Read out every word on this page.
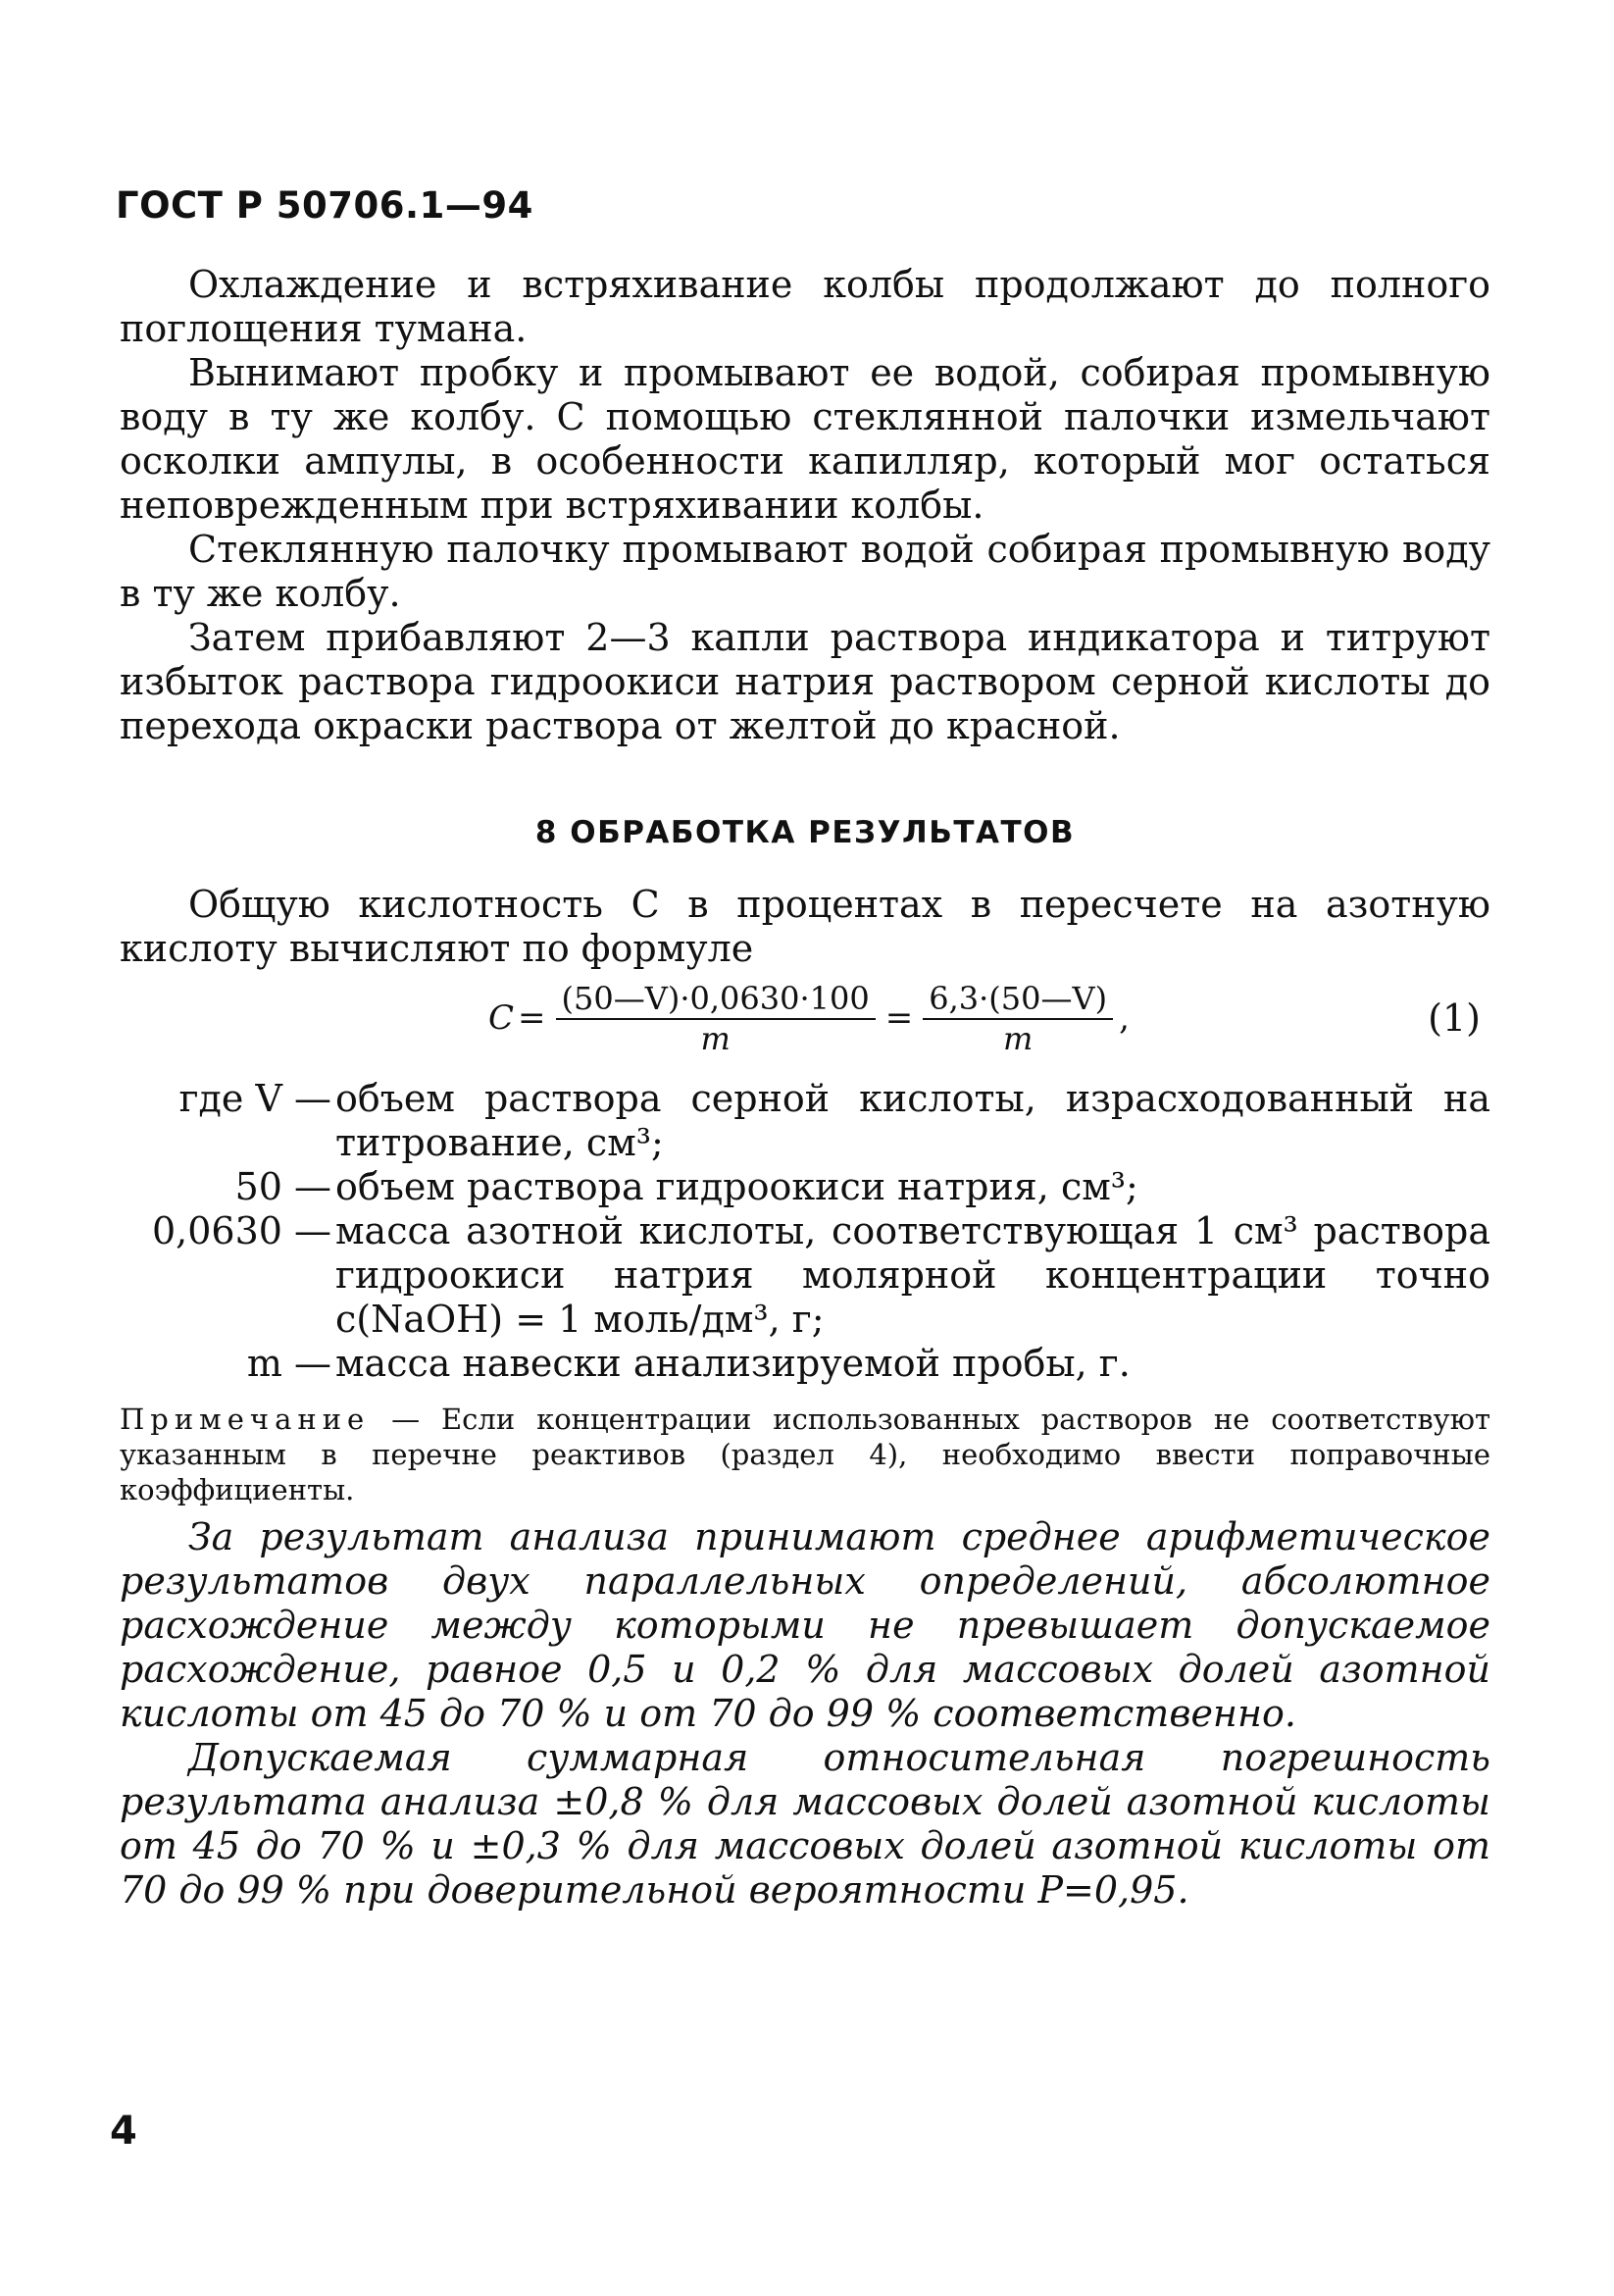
ГОСТ Р 50706.1—94

Охлаждение и встряхивание колбы продолжают до полного поглощения тумана.

Вынимают пробку и промывают ее водой, собирая промывную воду в ту же колбу. С помощью стеклянной палочки измельчают осколки ампулы, в особенности капилляр, который мог остаться неповрежденным при встряхивании колбы.

Стеклянную палочку промывают водой собирая промывную воду в ту же колбу.

Затем прибавляют 2—3 капли раствора индикатора и титруют избыток раствора гидроокиси натрия раствором серной кислоты до перехода окраски раствора от желтой до красной.

8 ОБРАБОТКА РЕЗУЛЬТАТОВ

Общую кислотность C в процентах в пересчете на азотную кислоту вычисляют по формуле

$C = \frac{(50—V)\cdot 0,0630\cdot 100}{m} = \frac{6,3\cdot(50—V)}{m}$ ,	(1)
где V — объем раствора серной кислоты, израсходованный на титрование, см³;
50 — объем раствора гидроокиси натрия, см³;
0,0630 — масса азотной кислоты, соответствующая 1 см³ раствора гидроокиси натрия молярной концентрации точно c(NaOH) = 1 моль/дм³, г;
m — масса навески анализируемой пробы, г.

Примечание — Если концентрации использованных растворов не соответствуют указанным в перечне реактивов (раздел 4), необходимо ввести поправочные коэффициенты.

За результат анализа принимают среднее арифметическое результатов двух параллельных определений, абсолютное расхождение между которыми не превышает допускаемое расхождение, равное 0,5 и 0,2 % для массовых долей азотной кислоты от 45 до 70 % и от 70 до 99 % соответственно.

Допускаемая суммарная относительная погрешность результата анализа ±0,8 % для массовых долей азотной кислоты от 45 до 70 % и ±0,3 % для массовых долей азотной кислоты от 70 до 99 % при доверительной вероятности P=0,95.

4
